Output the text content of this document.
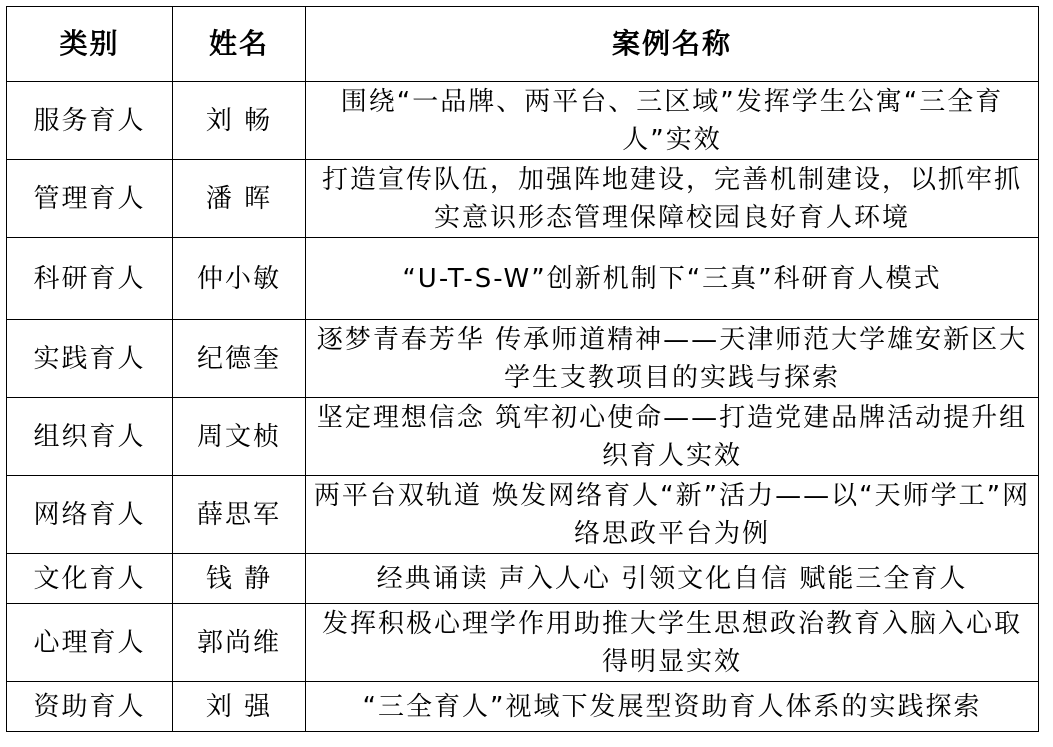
类别	姓名	案例名称
服务育人	刘 畅	围绕“一品牌、两平台、三区域”发挥学生公寓“三全育人”实效
管理育人	潘 晖	打造宣传队伍，加强阵地建设，完善机制建设，以抓牢抓实意识形态管理保障校园良好育人环境
科研育人	仲小敏	“U-T-S-W”创新机制下“三真”科研育人模式
实践育人	纪德奎	逐梦青春芳华 传承师道精神——天津师范大学雄安新区大学生支教项目的实践与探索
组织育人	周文桢	坚定理想信念 筑牢初心使命——打造党建品牌活动提升组织育人实效
网络育人	薛思军	两平台双轨道 焕发网络育人“新”活力——以“天师学工”网络思政平台为例
文化育人	钱 静	经典诵读 声入人心 引领文化自信 赋能三全育人
心理育人	郭尚维	发挥积极心理学作用助推大学生思想政治教育入脑入心取得明显实效
资助育人	刘 强	“三全育人”视域下发展型资助育人体系的实践探索
